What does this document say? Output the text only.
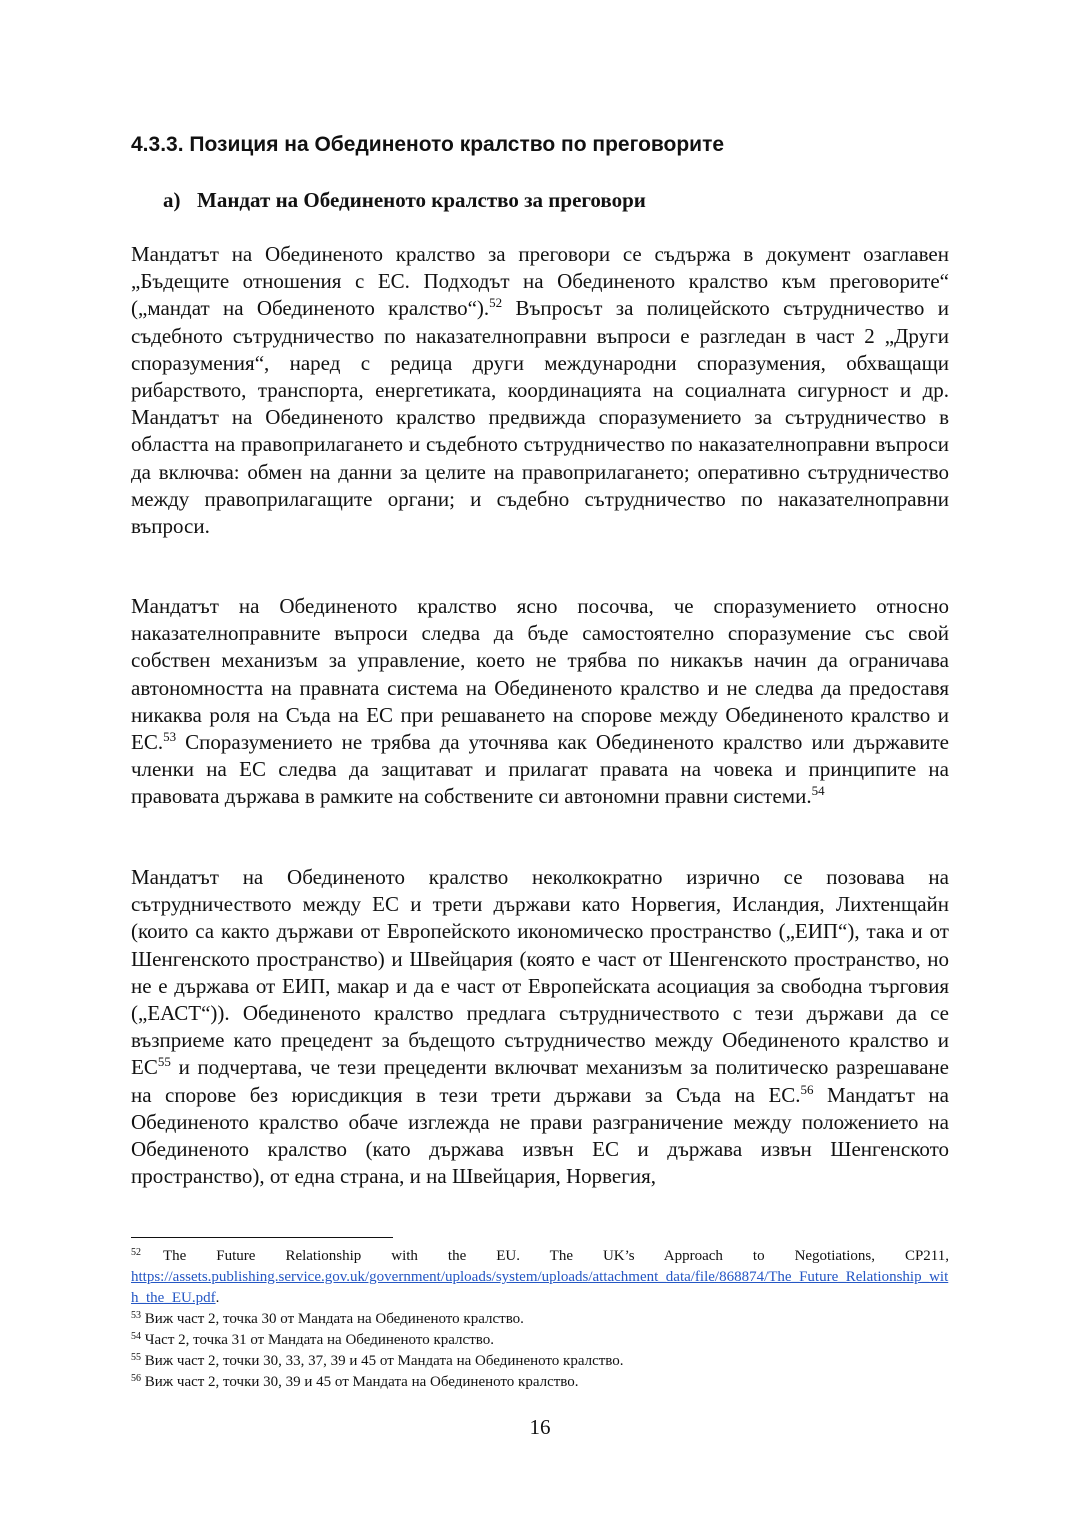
4.3.3. Позиция на Обединеното кралство по преговорите

а) Мандат на Обединеното кралство за преговори

Мандатът на Обединеното кралство за преговори се съдържа в документ озаглавен „Бъдещите отношения с ЕС. Подходът на Обединеното кралство към преговорите“ („мандат на Обединеното кралство“).$^{52}$ Въпросът за полицейското сътрудничество и съдебното сътрудничество по наказателноправни въпроси е разгледан в част 2 „Други споразумения“, наред с редица други международни споразумения, обхващащи рибарството, транспорта, енергетиката, координацията на социалната сигурност и др. Мандатът на Обединеното кралство предвижда споразумението за сътрудничество в областта на правоприлагането и съдебното сътрудничество по наказателноправни въпроси да включва: обмен на данни за целите на правоприлагането; оперативно сътрудничество между правоприлагащите органи; и съдебно сътрудничество по наказателноправни въпроси.

Мандатът на Обединеното кралство ясно посочва, че споразумението относно наказателноправните въпроси следва да бъде самостоятелно споразумение със свой собствен механизъм за управление, което не трябва по никакъв начин да ограничава автономността на правната система на Обединеното кралство и не следва да предоставя никаква роля на Съда на ЕС при решаването на спорове между Обединеното кралство и ЕС.$^{53}$ Споразумението не трябва да уточнява как Обединеното кралство или държавите членки на ЕС следва да защитават и прилагат правата на човека и принципите на правовата държава в рамките на собствените си автономни правни системи.$^{54}$

Мандатът на Обединеното кралство неколкократно изрично се позовава на сътрудничеството между ЕС и трети държави като Норвегия, Исландия, Лихтенщайн (които са както държави от Европейското икономическо пространство („ЕИП“), така и от Шенгенското пространство) и Швейцария (която е част от Шенгенското пространство, но не е държава от ЕИП, макар и да е част от Европейската асоциация за свободна търговия („ЕАСТ“)). Обединеното кралство предлага сътрудничеството с тези държави да се възприеме като прецедент за бъдещото сътрудничество между Обединеното кралство и ЕС$^{55}$ и подчертава, че тези прецеденти включват механизъм за политическо разрешаване на спорове без юрисдикция в тези трети държави за Съда на ЕС.$^{56}$ Мандатът на Обединеното кралство обаче изглежда не прави разграничение между положението на Обединеното кралство (като държава извън ЕС и държава извън Шенгенското пространство), от една страна, и на Швейцария, Норвегия,

$^{52}$ The Future Relationship with the EU. The UK’s Approach to Negotiations, CP211,
https://assets.publishing.service.gov.uk/government/uploads/system/uploads/attachment_data/file/868874/The_Future_Relationship_with_the_EU.pdf.
$^{53}$ Виж част 2, точка 30 от Мандата на Обединеното кралство.
$^{54}$ Част 2, точка 31 от Мандата на Обединеното кралство.
$^{55}$ Виж част 2, точки 30, 33, 37, 39 и 45 от Мандата на Обединеното кралство.
$^{56}$ Виж част 2, точки 30, 39 и 45 от Мандата на Обединеното кралство.
16
